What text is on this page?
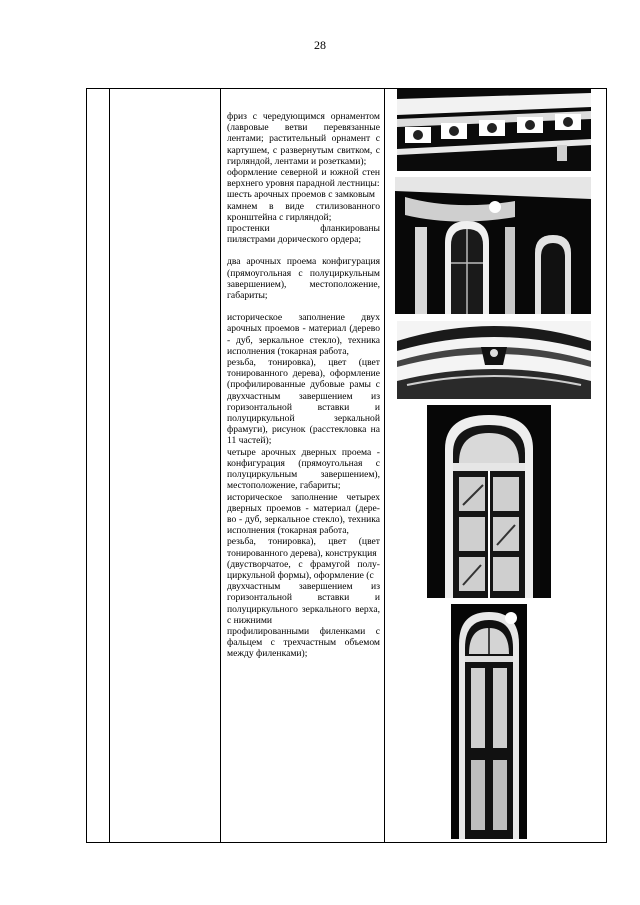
28

фриз с чередующимся орнаментом (лавровые ветви перевязанные лентами; растительный орнамент с картушем, с развернутым свитком, с гирляндой, лентами и розетками);

оформление северной и южной стен верхнего уровня парадной лестницы:

шесть арочных проемов с замковым

камнем в виде стилизованного кронштейна с гирляндой;

простенки фланкированы пилястрами дорического ордера;

два арочных проема конфигурация (прямоугольная с полуциркульным завершением), местоположение, габариты;

историческое заполнение двух арочных проемов - материал (дерево - дуб, зеркальное стекло), техника исполнения (токарная работа,

резьба, тонировка), цвет (цвет тонированного дерева), оформление (профилированные дубовые рамы с двухчастным завершением из горизонтальной вставки и полуциркульной зеркальной фрамуги), рисунок (расстекловка на 11 частей);

четыре арочных дверных проема - конфигурация (прямоугольная с полуциркульным завершением), местоположение, габариты;

историческое заполнение четырех дверных проемов - материал (дере-во - дуб, зеркальное стекло), техника исполнения (токарная работа,

резьба, тонировка), цвет (цвет тонированного дерева), конструкция

(двустворчатое, с фрамугой полу-циркульной формы), оформление (с

двухчастным завершением из горизонтальной вставки и полуциркульного зеркального верха, с нижними

профилированными филенками с фальцем с трехчастным объемом между филенками);
